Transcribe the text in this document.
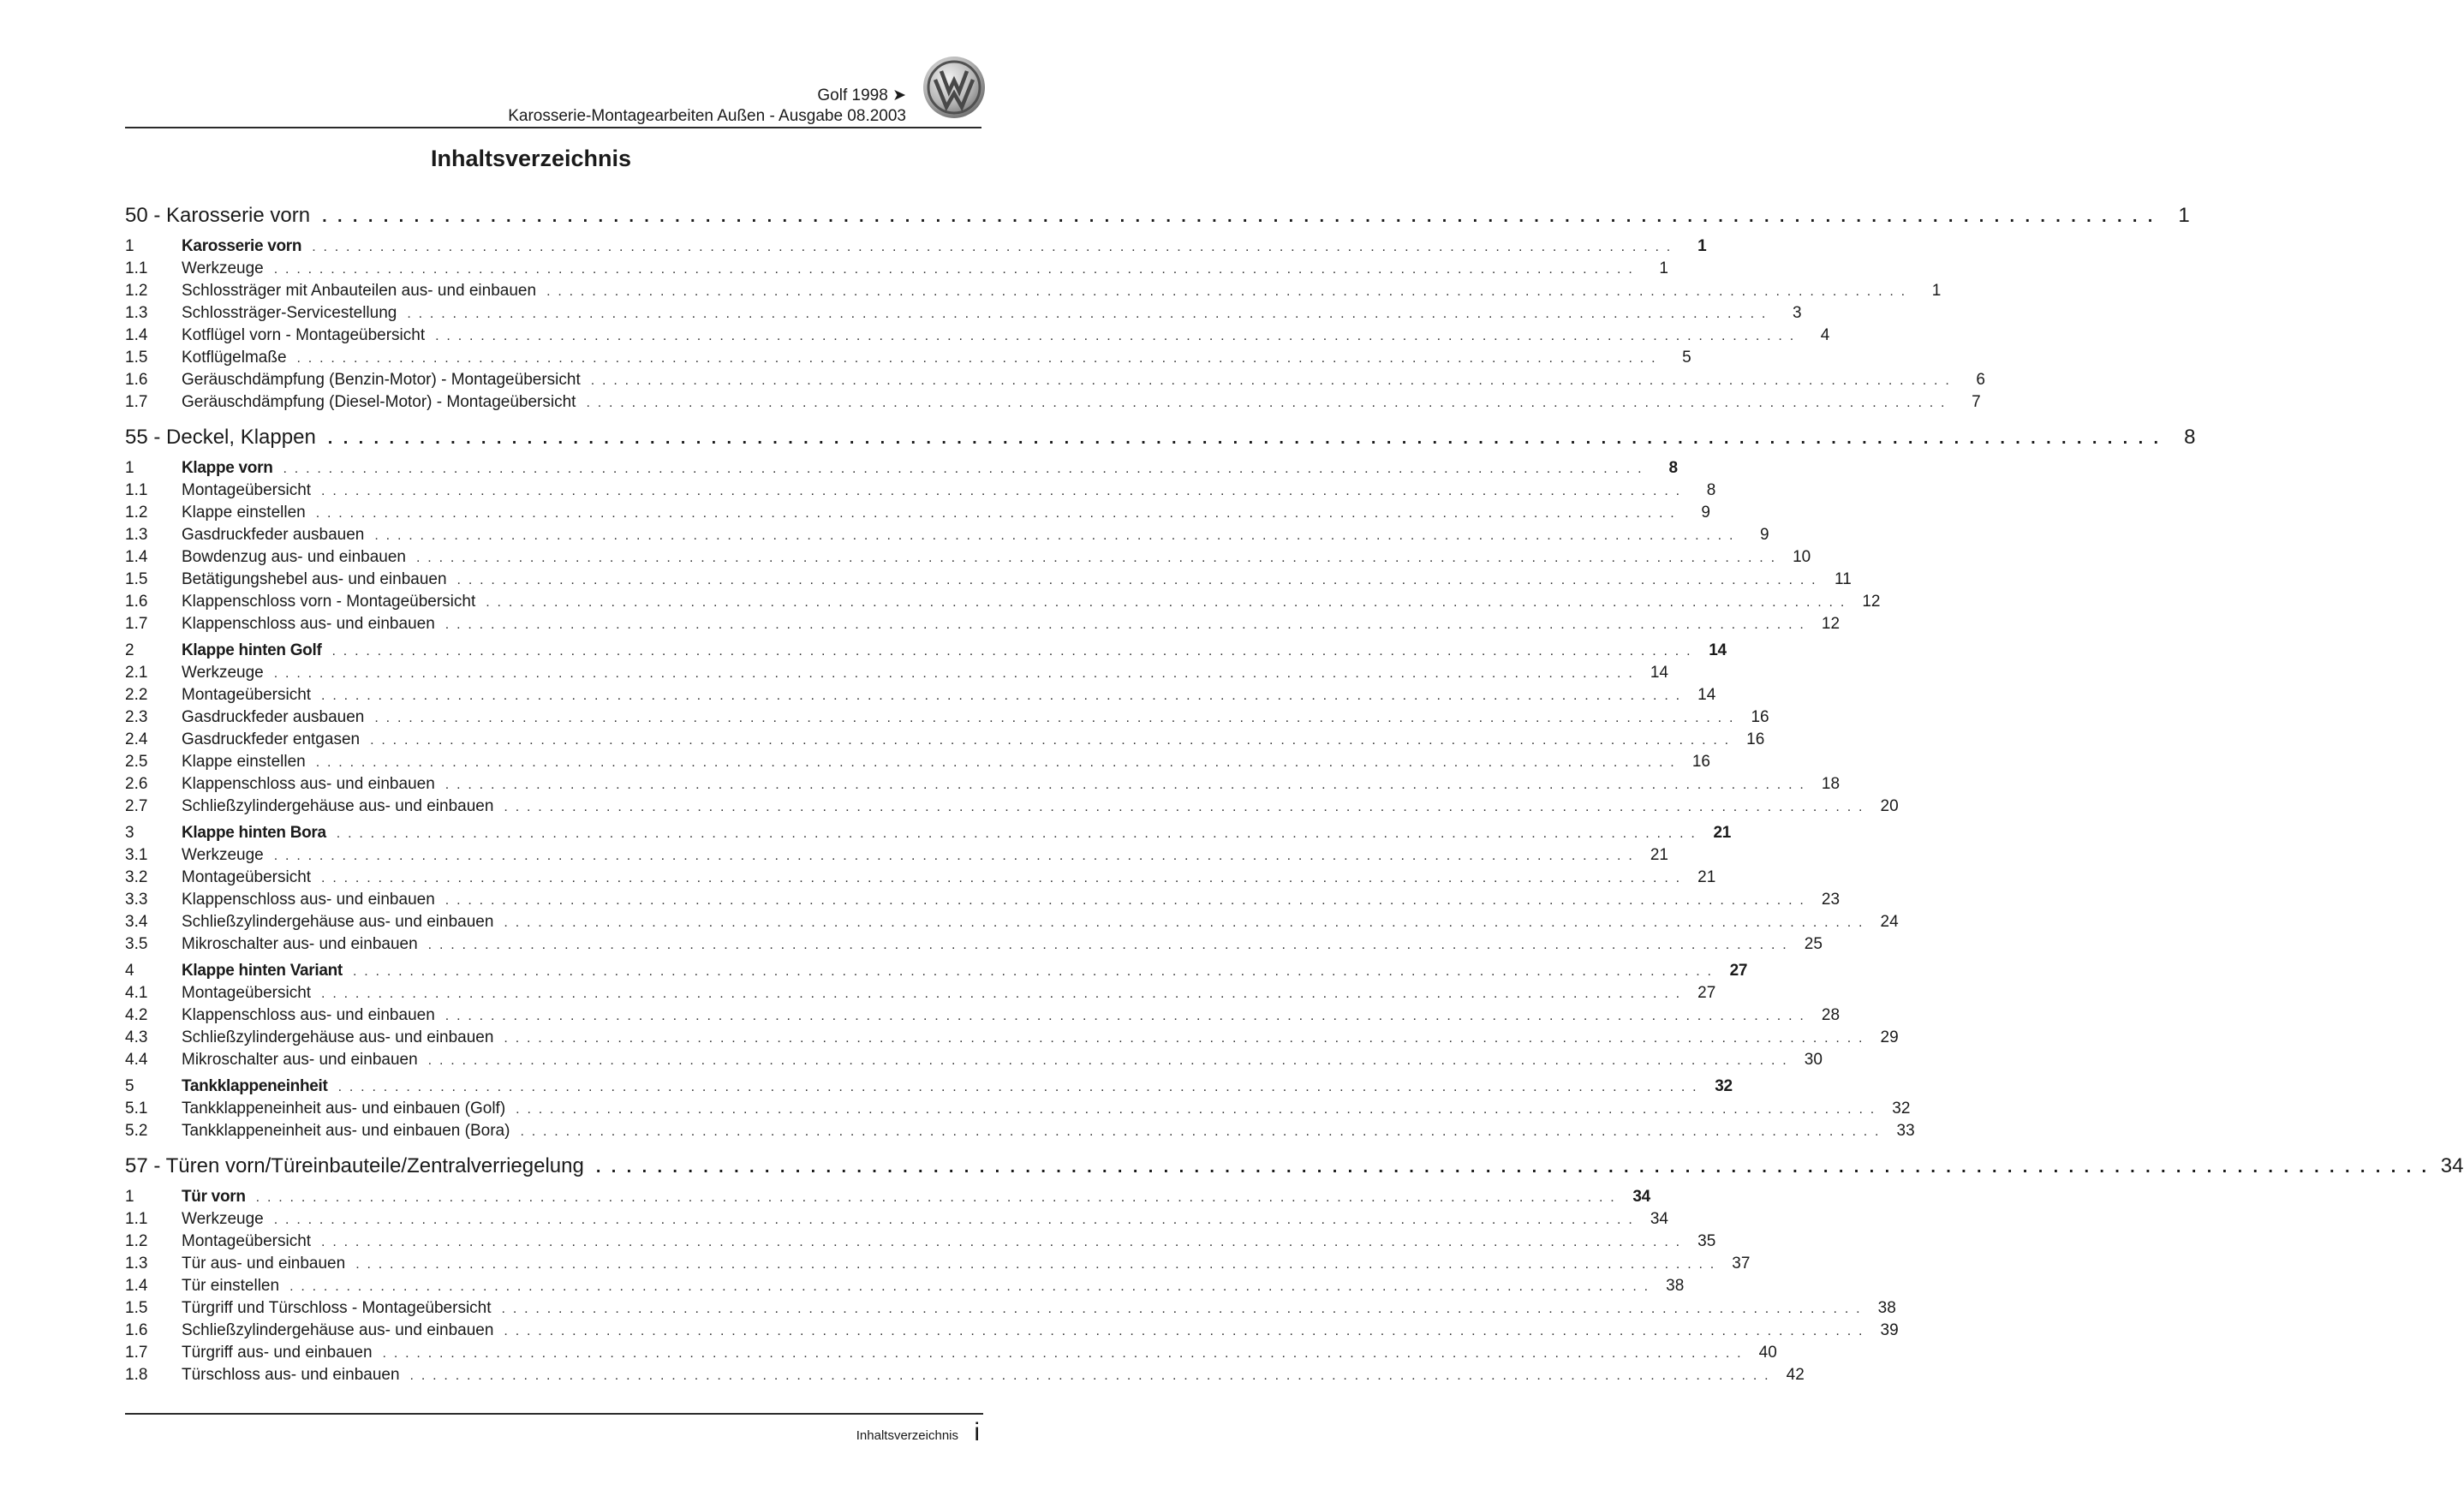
Golf 1998 ➤
Karosserie-Montagearbeiten Außen - Ausgabe 08.2003
Inhaltsverzeichnis
50 - Karosserie vorn . . . . . . . . . . . . . . . . . . . . . . . . . . . . . . . . . . . . . . . . . . . . . . . . . . . . . . . . . . . . . . . . . . . . . . . . . . . . . . . . . . . . . . . . . . . . . . . . . . . . . . . . . . . . . . . . . . . . . . . .	1
1	Karosserie vorn . . . . . . . . . . . . . . . . . . . . . . . . . . . . . . . . . . . . . . . . . . . . . . . . . . . . . . . . . . . . . . . . . . . . . . . . . . . . . . . . . . . . . . . . . . . . . . . . . . . . . . . . . . . . . . . . . . . . . . . .	1
1.1	Werkzeuge . . . . . . . . . . . . . . . . . . . . . . . . . . . . . . . . . . . . . . . . . . . . . . . . . . . . . . . . . . . . . . . . . . . . . . . . . . . . . . . . . . . . . . . . . . . . . . . . . . . . . . . . . . . . . . . . . . . . . . . .	1
1.2	Schlossträger mit Anbauteilen aus- und einbauen . . . . . . . . . . . . . . . . . . . . . . . . . . . . . . . . . . . . . . . . . . . . . . . . . . . . . . . . . . . . . . . . . . . . . . . . . . . . . . . . . . . . . . . . . . . . . . . . . . . . . . . . . . . . . . . . . . . . . . . .	1
1.3	Schlossträger-Servicestellung . . . . . . . . . . . . . . . . . . . . . . . . . . . . . . . . . . . . . . . . . . . . . . . . . . . . . . . . . . . . . . . . . . . . . . . . . . . . . . . . . . . . . . . . . . . . . . . . . . . . . . . . . . . . . . . . . . . . . . . .	3
1.4	Kotflügel vorn - Montageübersicht . . . . . . . . . . . . . . . . . . . . . . . . . . . . . . . . . . . . . . . . . . . . . . . . . . . . . . . . . . . . . . . . . . . . . . . . . . . . . . . . . . . . . . . . . . . . . . . . . . . . . . . . . . . . . . . . . . . . . . . .	4
1.5	Kotflügelmaße . . . . . . . . . . . . . . . . . . . . . . . . . . . . . . . . . . . . . . . . . . . . . . . . . . . . . . . . . . . . . . . . . . . . . . . . . . . . . . . . . . . . . . . . . . . . . . . . . . . . . . . . . . . . . . . . . . . . . . . .	5
1.6	Geräuschdämpfung (Benzin-Motor) - Montageübersicht . . . . . . . . . . . . . . . . . . . . . . . . . . . . . . . . . . . . . . . . . . . . . . . . . . . . . . . . . . . . . . . . . . . . . . . . . . . . . . . . . . . . . . . . . . . . . . . . . . . . . . . . . . . . . . . . . . . . . . . .	6
1.7	Geräuschdämpfung (Diesel-Motor) - Montageübersicht . . . . . . . . . . . . . . . . . . . . . . . . . . . . . . . . . . . . . . . . . . . . . . . . . . . . . . . . . . . . . . . . . . . . . . . . . . . . . . . . . . . . . . . . . . . . . . . . . . . . . . . . . . . . . . . . . . . . . . . .	7
55 - Deckel, Klappen . . . . . . . . . . . . . . . . . . . . . . . . . . . . . . . . . . . . . . . . . . . . . . . . . . . . . . . . . . . . . . . . . . . . . . . . . . . . . . . . . . . . . . . . . . . . . . . . . . . . . . . . . . . . . . . . . . . . . . . .	8
1	Klappe vorn . . . . . . . . . . . . . . . . . . . . . . . . . . . . . . . . . . . . . . . . . . . . . . . . . . . . . . . . . . . . . . . . . . . . . . . . . . . . . . . . . . . . . . . . . . . . . . . . . . . . . . . . . . . . . . . . . . . . . . . .	8
1.1	Montageübersicht . . . . . . . . . . . . . . . . . . . . . . . . . . . . . . . . . . . . . . . . . . . . . . . . . . . . . . . . . . . . . . . . . . . . . . . . . . . . . . . . . . . . . . . . . . . . . . . . . . . . . . . . . . . . . . . . . . . . . . . .	8
1.2	Klappe einstellen . . . . . . . . . . . . . . . . . . . . . . . . . . . . . . . . . . . . . . . . . . . . . . . . . . . . . . . . . . . . . . . . . . . . . . . . . . . . . . . . . . . . . . . . . . . . . . . . . . . . . . . . . . . . . . . . . . . . . . . .	9
1.3	Gasdruckfeder ausbauen . . . . . . . . . . . . . . . . . . . . . . . . . . . . . . . . . . . . . . . . . . . . . . . . . . . . . . . . . . . . . . . . . . . . . . . . . . . . . . . . . . . . . . . . . . . . . . . . . . . . . . . . . . . . . . . . . . . . . . . .	9
1.4	Bowdenzug aus- und einbauen . . . . . . . . . . . . . . . . . . . . . . . . . . . . . . . . . . . . . . . . . . . . . . . . . . . . . . . . . . . . . . . . . . . . . . . . . . . . . . . . . . . . . . . . . . . . . . . . . . . . . . . . . . . . . . . . . . . . . . . . 10
1.5	Betätigungshebel aus- und einbauen . . . . . . . . . . . . . . . . . . . . . . . . . . . . . . . . . . . . . . . . . . . . . . . . . . . . . . . . . . . . . . . . . . . . . . . . . . . . . . . . . . . . . . . . . . . . . . . . . . . . . . . . . . . . . . . . . . . . . . . .	11
1.6	Klappenschloss vorn - Montageübersicht . . . . . . . . . . . . . . . . . . . . . . . . . . . . . . . . . . . . . . . . . . . . . . . . . . . . . . . . . . . . . . . . . . . . . . . . . . . . . . . . . . . . . . . . . . . . . . . . . . . . . . . . . . . . . . . . . . . . . . . . 12
1.7	Klappenschloss aus- und einbauen . . . . . . . . . . . . . . . . . . . . . . . . . . . . . . . . . . . . . . . . . . . . . . . . . . . . . . . . . . . . . . . . . . . . . . . . . . . . . . . . . . . . . . . . . . . . . . . . . . . . . . . . . . . . . . . . . . . . . . . . 12
2	Klappe hinten Golf . . . . . . . . . . . . . . . . . . . . . . . . . . . . . . . . . . . . . . . . . . . . . . . . . . . . . . . . . . . . . . . . . . . . . . . . . . . . . . . . . . . . . . . . . . . . . . . . . . . . . . . . . . . . . . . . . . . . . . . .	14
2.1	Werkzeuge . . . . . . . . . . . . . . . . . . . . . . . . . . . . . . . . . . . . . . . . . . . . . . . . . . . . . . . . . . . . . . . . . . . . . . . . . . . . . . . . . . . . . . . . . . . . . . . . . . . . . . . . . . . . . . . . . . . . . . . . 14
2.2	Montageübersicht . . . . . . . . . . . . . . . . . . . . . . . . . . . . . . . . . . . . . . . . . . . . . . . . . . . . . . . . . . . . . . . . . . . . . . . . . . . . . . . . . . . . . . . . . . . . . . . . . . . . . . . . . . . . . . . . . . . . . . . . 14
2.3	Gasdruckfeder ausbauen . . . . . . . . . . . . . . . . . . . . . . . . . . . . . . . . . . . . . . . . . . . . . . . . . . . . . . . . . . . . . . . . . . . . . . . . . . . . . . . . . . . . . . . . . . . . . . . . . . . . . . . . . . . . . . . . . . . . . . . . 16
2.4	Gasdruckfeder entgasen . . . . . . . . . . . . . . . . . . . . . . . . . . . . . . . . . . . . . . . . . . . . . . . . . . . . . . . . . . . . . . . . . . . . . . . . . . . . . . . . . . . . . . . . . . . . . . . . . . . . . . . . . . . . . . . . . . . . . . . . 16
2.5	Klappe einstellen . . . . . . . . . . . . . . . . . . . . . . . . . . . . . . . . . . . . . . . . . . . . . . . . . . . . . . . . . . . . . . . . . . . . . . . . . . . . . . . . . . . . . . . . . . . . . . . . . . . . . . . . . . . . . . . . . . . . . . . . 16
2.6	Klappenschloss aus- und einbauen . . . . . . . . . . . . . . . . . . . . . . . . . . . . . . . . . . . . . . . . . . . . . . . . . . . . . . . . . . . . . . . . . . . . . . . . . . . . . . . . . . . . . . . . . . . . . . . . . . . . . . . . . . . . . . . . . . . . . . . . 18
2.7	Schließzylindergehäuse aus- und einbauen . . . . . . . . . . . . . . . . . . . . . . . . . . . . . . . . . . . . . . . . . . . . . . . . . . . . . . . . . . . . . . . . . . . . . . . . . . . . . . . . . . . . . . . . . . . . . . . . . . . . . . . . . . . . . . . . . . . . . . . . 20
3	Klappe hinten Bora . . . . . . . . . . . . . . . . . . . . . . . . . . . . . . . . . . . . . . . . . . . . . . . . . . . . . . . . . . . . . . . . . . . . . . . . . . . . . . . . . . . . . . . . . . . . . . . . . . . . . . . . . . . . . . . . . . . . . . . .	21
3.1	Werkzeuge . . . . . . . . . . . . . . . . . . . . . . . . . . . . . . . . . . . . . . . . . . . . . . . . . . . . . . . . . . . . . . . . . . . . . . . . . . . . . . . . . . . . . . . . . . . . . . . . . . . . . . . . . . . . . . . . . . . . . . . . 21
3.2	Montageübersicht . . . . . . . . . . . . . . . . . . . . . . . . . . . . . . . . . . . . . . . . . . . . . . . . . . . . . . . . . . . . . . . . . . . . . . . . . . . . . . . . . . . . . . . . . . . . . . . . . . . . . . . . . . . . . . . . . . . . . . . . 21
3.3	Klappenschloss aus- und einbauen . . . . . . . . . . . . . . . . . . . . . . . . . . . . . . . . . . . . . . . . . . . . . . . . . . . . . . . . . . . . . . . . . . . . . . . . . . . . . . . . . . . . . . . . . . . . . . . . . . . . . . . . . . . . . . . . . . . . . . . . 23
3.4	Schließzylindergehäuse aus- und einbauen . . . . . . . . . . . . . . . . . . . . . . . . . . . . . . . . . . . . . . . . . . . . . . . . . . . . . . . . . . . . . . . . . . . . . . . . . . . . . . . . . . . . . . . . . . . . . . . . . . . . . . . . . . . . . . . . . . . . . . . . 24
3.5	Mikroschalter aus- und einbauen . . . . . . . . . . . . . . . . . . . . . . . . . . . . . . . . . . . . . . . . . . . . . . . . . . . . . . . . . . . . . . . . . . . . . . . . . . . . . . . . . . . . . . . . . . . . . . . . . . . . . . . . . . . . . . . . . . . . . . . . 25
4	Klappe hinten Variant . . . . . . . . . . . . . . . . . . . . . . . . . . . . . . . . . . . . . . . . . . . . . . . . . . . . . . . . . . . . . . . . . . . . . . . . . . . . . . . . . . . . . . . . . . . . . . . . . . . . . . . . . . . . . . . . . . . . . . . .	27
4.1	Montageübersicht . . . . . . . . . . . . . . . . . . . . . . . . . . . . . . . . . . . . . . . . . . . . . . . . . . . . . . . . . . . . . . . . . . . . . . . . . . . . . . . . . . . . . . . . . . . . . . . . . . . . . . . . . . . . . . . . . . . . . . . . 27
4.2	Klappenschloss aus- und einbauen . . . . . . . . . . . . . . . . . . . . . . . . . . . . . . . . . . . . . . . . . . . . . . . . . . . . . . . . . . . . . . . . . . . . . . . . . . . . . . . . . . . . . . . . . . . . . . . . . . . . . . . . . . . . . . . . . . . . . . . . 28
4.3	Schließzylindergehäuse aus- und einbauen . . . . . . . . . . . . . . . . . . . . . . . . . . . . . . . . . . . . . . . . . . . . . . . . . . . . . . . . . . . . . . . . . . . . . . . . . . . . . . . . . . . . . . . . . . . . . . . . . . . . . . . . . . . . . . . . . . . . . . . . 29
4.4	Mikroschalter aus- und einbauen . . . . . . . . . . . . . . . . . . . . . . . . . . . . . . . . . . . . . . . . . . . . . . . . . . . . . . . . . . . . . . . . . . . . . . . . . . . . . . . . . . . . . . . . . . . . . . . . . . . . . . . . . . . . . . . . . . . . . . . . 30
5	Tankklappeneinheit . . . . . . . . . . . . . . . . . . . . . . . . . . . . . . . . . . . . . . . . . . . . . . . . . . . . . . . . . . . . . . . . . . . . . . . . . . . . . . . . . . . . . . . . . . . . . . . . . . . . . . . . . . . . . . . . . . . . . . . .	32
5.1	Tankklappeneinheit aus- und einbauen (Golf) . . . . . . . . . . . . . . . . . . . . . . . . . . . . . . . . . . . . . . . . . . . . . . . . . . . . . . . . . . . . . . . . . . . . . . . . . . . . . . . . . . . . . . . . . . . . . . . . . . . . . . . . . . . . . . . . . . . . . . . . 32
5.2	Tankklappeneinheit aus- und einbauen (Bora) . . . . . . . . . . . . . . . . . . . . . . . . . . . . . . . . . . . . . . . . . . . . . . . . . . . . . . . . . . . . . . . . . . . . . . . . . . . . . . . . . . . . . . . . . . . . . . . . . . . . . . . . . . . . . . . . . . . . . . . . 33
57 - Türen vorn/Türeinbauteile/Zentralverriegelung . . . . . . . . . . . . . . . . . . . . . . . . . . . . . . . . . . . . . . . . . . . . . . . . . . . . . . . . . . . . . . . . . . . . . . . . . . . . . . . . . . . . . . . . . . . . . . . . . . . . . . . . . . . . . . . . . . . . . . . . 34
1	Tür vorn . . . . . . . . . . . . . . . . . . . . . . . . . . . . . . . . . . . . . . . . . . . . . . . . . . . . . . . . . . . . . . . . . . . . . . . . . . . . . . . . . . . . . . . . . . . . . . . . . . . . . . . . . . . . . . . . . . . . . . . .	34
1.1	Werkzeuge . . . . . . . . . . . . . . . . . . . . . . . . . . . . . . . . . . . . . . . . . . . . . . . . . . . . . . . . . . . . . . . . . . . . . . . . . . . . . . . . . . . . . . . . . . . . . . . . . . . . . . . . . . . . . . . . . . . . . . . . 34
1.2	Montageübersicht . . . . . . . . . . . . . . . . . . . . . . . . . . . . . . . . . . . . . . . . . . . . . . . . . . . . . . . . . . . . . . . . . . . . . . . . . . . . . . . . . . . . . . . . . . . . . . . . . . . . . . . . . . . . . . . . . . . . . . . . 35
1.3	Tür aus- und einbauen . . . . . . . . . . . . . . . . . . . . . . . . . . . . . . . . . . . . . . . . . . . . . . . . . . . . . . . . . . . . . . . . . . . . . . . . . . . . . . . . . . . . . . . . . . . . . . . . . . . . . . . . . . . . . . . . . . . . . . . . 37
1.4	Tür einstellen . . . . . . . . . . . . . . . . . . . . . . . . . . . . . . . . . . . . . . . . . . . . . . . . . . . . . . . . . . . . . . . . . . . . . . . . . . . . . . . . . . . . . . . . . . . . . . . . . . . . . . . . . . . . . . . . . . . . . . . . 38
1.5	Türgriff und Türschloss - Montageübersicht . . . . . . . . . . . . . . . . . . . . . . . . . . . . . . . . . . . . . . . . . . . . . . . . . . . . . . . . . . . . . . . . . . . . . . . . . . . . . . . . . . . . . . . . . . . . . . . . . . . . . . . . . . . . . . . . . . . . . . . . 38
1.6	Schließzylindergehäuse aus- und einbauen . . . . . . . . . . . . . . . . . . . . . . . . . . . . . . . . . . . . . . . . . . . . . . . . . . . . . . . . . . . . . . . . . . . . . . . . . . . . . . . . . . . . . . . . . . . . . . . . . . . . . . . . . . . . . . . . . . . . . . . . 39
1.7	Türgriff aus- und einbauen . . . . . . . . . . . . . . . . . . . . . . . . . . . . . . . . . . . . . . . . . . . . . . . . . . . . . . . . . . . . . . . . . . . . . . . . . . . . . . . . . . . . . . . . . . . . . . . . . . . . . . . . . . . . . . . . . . . . . . . . 40
1.8	Türschloss aus- und einbauen . . . . . . . . . . . . . . . . . . . . . . . . . . . . . . . . . . . . . . . . . . . . . . . . . . . . . . . . . . . . . . . . . . . . . . . . . . . . . . . . . . . . . . . . . . . . . . . . . . . . . . . . . . . . . . . . . . . . . . . . 42
Inhaltsverzeichnis i
